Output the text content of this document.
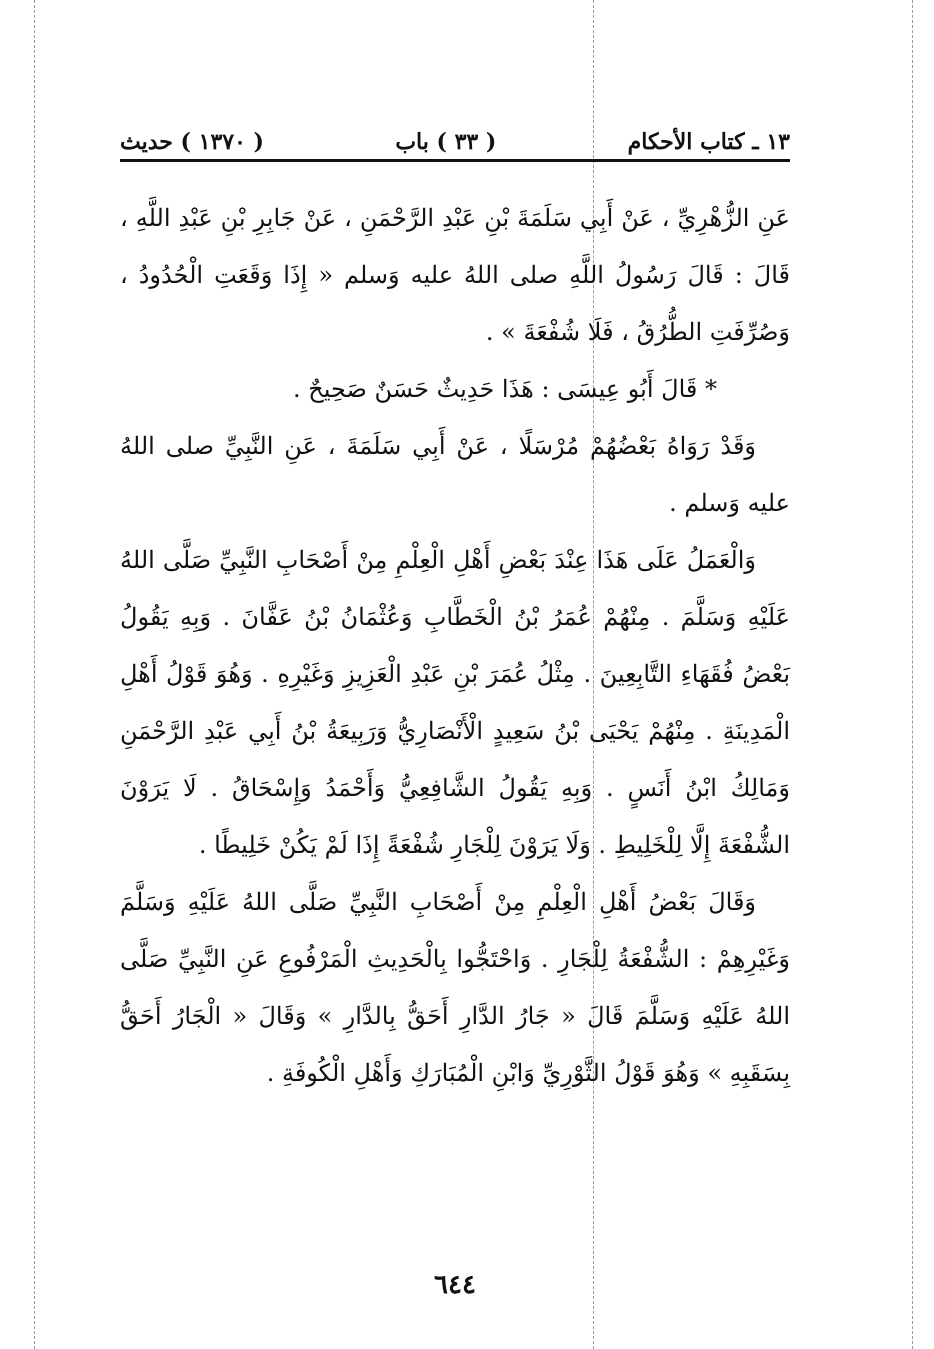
١٣ ـ كتاب الأحكام
( ٣٣ ) باب
( ١٣٧٠ ) حديث

عَنِ الزُّهْرِيِّ ، عَنْ أَبِي سَلَمَةَ بْنِ عَبْدِ الرَّحْمَنِ ، عَنْ جَابِرِ بْنِ عَبْدِ اللَّهِ ، قَالَ : قَالَ رَسُولُ اللَّهِ صلى اللهُ عليه وَسلم « إِذَا وَقَعَتِ الْحُدُودُ ، وَصُرِّفَتِ الطُّرُقُ ، فَلَا شُفْعَةَ » .

* قَالَ أَبُو عِيسَى : هَذَا حَدِيثٌ حَسَنٌ صَحِيحٌ .

وَقَدْ رَوَاهُ بَعْضُهُمْ مُرْسَلًا ، عَنْ أَبِي سَلَمَةَ ، عَنِ النَّبِيِّ صلى اللهُ عليه وَسلم .

وَالْعَمَلُ عَلَى هَذَا عِنْدَ بَعْضِ أَهْلِ الْعِلْمِ مِنْ أَصْحَابِ النَّبِيِّ صَلَّى اللهُ عَلَيْهِ وَسَلَّمَ . مِنْهُمْ عُمَرُ بْنُ الْخَطَّابِ وَعُثْمَانُ بْنُ عَفَّانَ . وَبِهِ يَقُولُ بَعْضُ فُقَهَاءِ التَّابِعِينَ . مِثْلُ عُمَرَ بْنِ عَبْدِ الْعَزِيزِ وَغَيْرِهِ . وَهُوَ قَوْلُ أَهْلِ الْمَدِينَةِ . مِنْهُمْ يَحْيَى بْنُ سَعِيدٍ الْأَنْصَارِيُّ وَرَبِيعَةُ بْنُ أَبِي عَبْدِ الرَّحْمَنِ وَمَالِكُ ابْنُ أَنَسٍ . وَبِهِ يَقُولُ الشَّافِعِيُّ وَأَحْمَدُ وَإِسْحَاقُ . لَا يَرَوْنَ الشُّفْعَةَ إِلَّا لِلْخَلِيطِ . وَلَا يَرَوْنَ لِلْجَارِ شُفْعَةً إِذَا لَمْ يَكُنْ خَلِيطًا .

وَقَالَ بَعْضُ أَهْلِ الْعِلْمِ مِنْ أَصْحَابِ النَّبِيِّ صَلَّى اللهُ عَلَيْهِ وَسَلَّمَ وَغَيْرِهِمْ : الشُّفْعَةُ لِلْجَارِ . وَاحْتَجُّوا بِالْحَدِيثِ الْمَرْفُوعِ عَنِ النَّبِيِّ صَلَّى اللهُ عَلَيْهِ وَسَلَّمَ قَالَ « جَارُ الدَّارِ أَحَقُّ بِالدَّارِ » وَقَالَ « الْجَارُ أَحَقُّ بِسَقَبِهِ » وَهُوَ قَوْلُ الثَّوْرِيِّ وَابْنِ الْمُبَارَكِ وَأَهْلِ الْكُوفَةِ .

٦٤٤
